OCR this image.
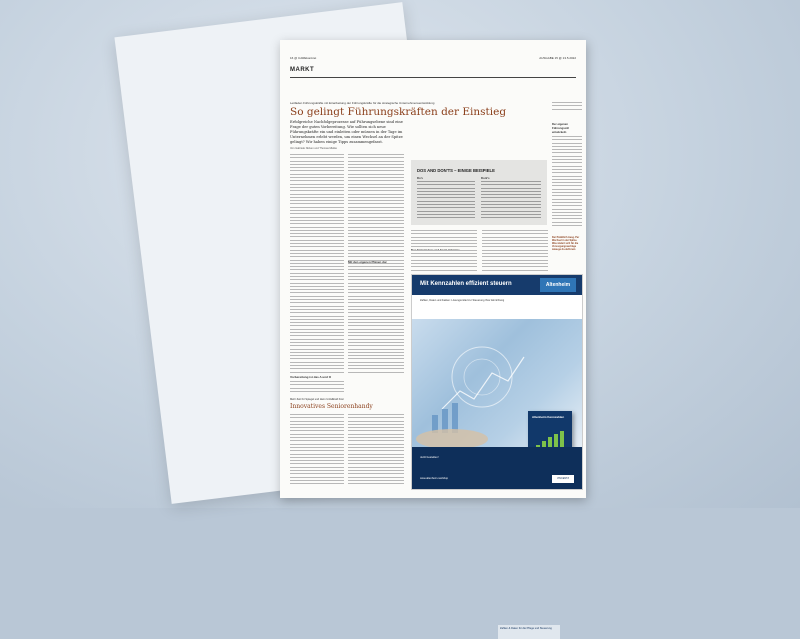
16 @ CAREkonkret	AUSGABE 15 @ 13.5.2022
MARKT
Leitfaden Führungskräfte mit Einarbeitung der Führungskräfte für die strategische Unternehmensentwicklung
So gelingt Führungskräften der Einstieg
Erfolgreiche Nachfolgeprozesse auf Führungsebene sind eine Frage der guten Vorbereitung. Wie sollten sich neue Führungskräfte ein und einleiten oder müssen in der Tage im Unternehmen erlebt werden, um einen Wechsel an der Spitze gelingt? Wir haben einige Tipps zusammengefasst.
Von Gabriele Nicken und Thomas Mielke
Vorbereitung ist das A und O
Mit den eigenen Plänen dar
Mehr Zeit für Spiegel und dann Unfallkraft ihrer
Innovatives Seniorenhandy
DOS AND DON'TS – EINIGE BEISPIELE
Do's	Dont's
Der eigenen Führungsstil entwickeln
Der Pünktlich Ausg. Per Wechsel in der Spitze. Was ändert sich für die Vorsorgungsverträge www.ge-hs.de/forum
Mit Kennzahlen effizient steuern	Altenheim
Zahlen, Daten und Fakten: Lösungsmittel zur Steuerung Ihrer Einrichtung
Altenheim Kennzahlen
Jetzt bestellen!
www.altenheim.net/shop
Zahlen & Daten für die Pflege und Steuerung
VINCENTZ
